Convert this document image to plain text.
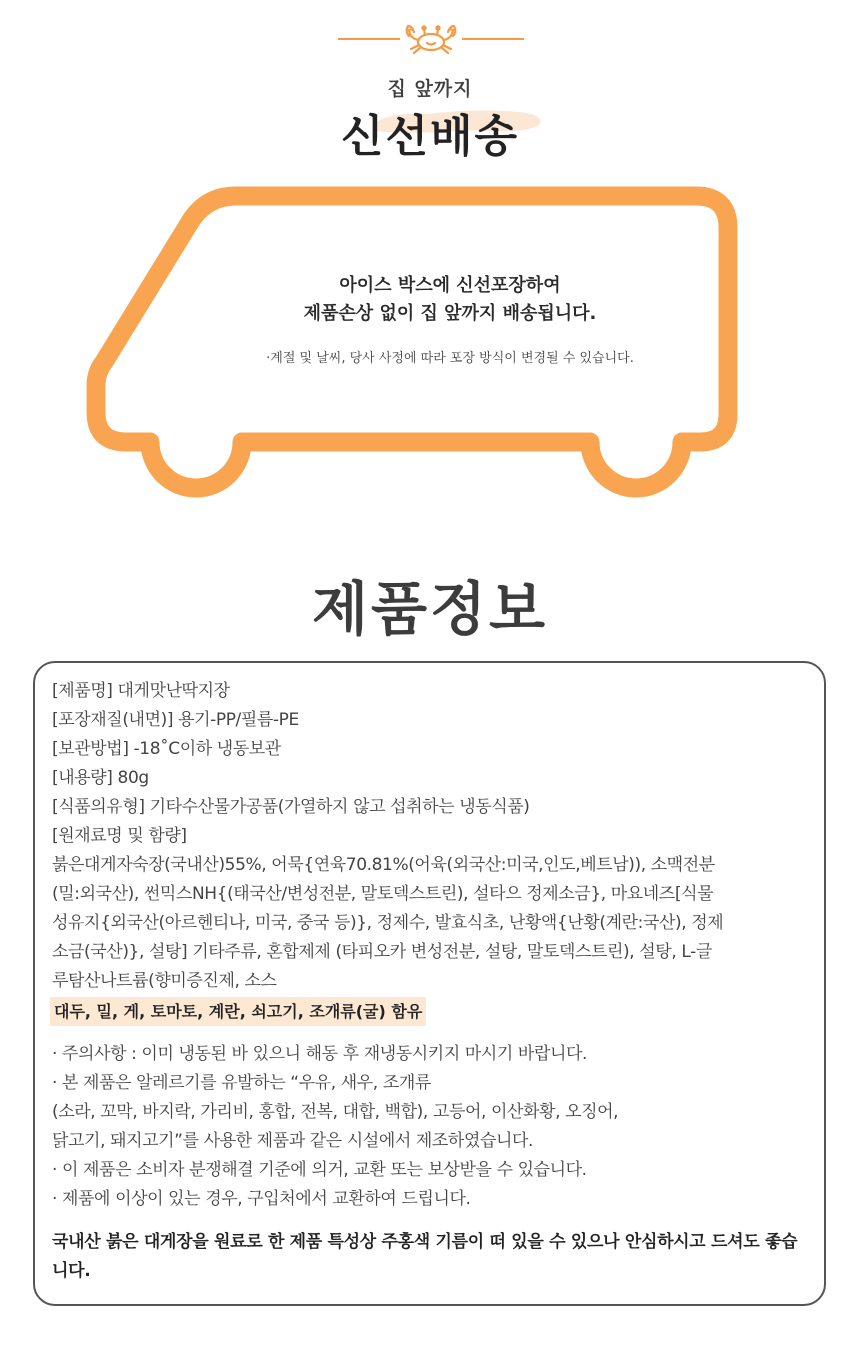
집 앞까지
신선배송

아이스 박스에 신선포장하여

제품손상 없이 집 앞까지 배송됩니다.

·계절 및 날씨, 당사 사정에 따라 포장 방식이 변경될 수 있습니다.
제품정보
[제품명] 대게맛난딱지장
[포장재질(내면)] 용기-PP/필름-PE
[보관방법] -18˚C이하 냉동보관
[내용량] 80g
[식품의유형] 기타수산물가공품(가열하지 않고 섭취하는 냉동식품)
[원재료명 및 함량]
붉은대게자숙장(국내산)55%, 어묵{연육70.81%(어육(외국산:미국,인도,베트남)), 소맥전분
(밀:외국산), 썬믹스NH{(태국산/변성전분, 말토덱스트린), 설타으 정제소금}, 마요네즈[식물
성유지{외국산(아르헨티나, 미국, 중국 등)}, 정제수, 발효식초, 난황액{난황(계란:국산), 정제
소금(국산)}, 설탕] 기타주류, 혼합제제 (타피오카 변성전분, 설탕, 말토덱스트린), 설탕, L-글
루탐산나트륨(향미증진제, 소스
대두, 밀, 게, 토마토, 계란, 쇠고기, 조개류(굴) 함유
· 주의사항 : 이미 냉동된 바 있으니 해동 후 재냉동시키지 마시기 바랍니다.
· 본 제품은 알레르기를 유발하는 “우유, 새우, 조개류
(소라, 꼬막, 바지락, 가리비, 홍합, 전복, 대합, 백합), 고등어, 이산화황, 오징어,
닭고기, 돼지고기”를 사용한 제품과 같은 시설에서 제조하였습니다.
· 이 제품은 소비자 분쟁해결 기준에 의거, 교환 또는 보상받을 수 있습니다.
· 제품에 이상이 있는 경우, 구입처에서 교환하여 드립니다.
국내산 붉은 대게장을 원료로 한 제품 특성상 주홍색 기름이 떠 있을 수 있으나 안심하시고 드셔도 좋습니다.
